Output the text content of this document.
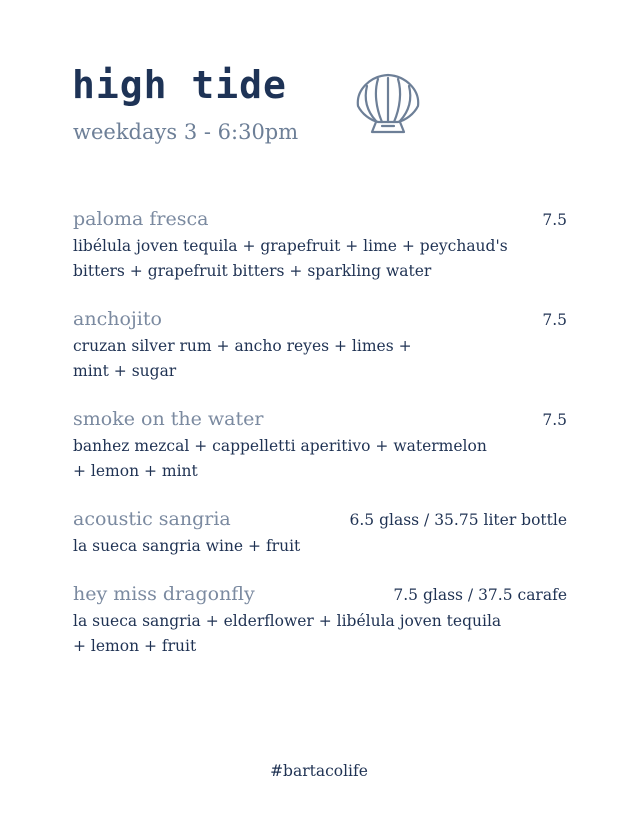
high tide
weekdays 3 - 6:30pm
paloma fresca	7.5
libélula joven tequila + grapefruit + lime + peychaud's
bitters + grapefruit bitters + sparkling water
anchojito	7.5
cruzan silver rum + ancho reyes + limes +
mint + sugar
smoke on the water	7.5
banhez mezcal + cappelletti aperitivo + watermelon
+ lemon + mint
acoustic sangria	6.5 glass / 35.75 liter bottle
la sueca sangria wine + fruit
hey miss dragonfly	7.5 glass / 37.5 carafe
la sueca sangria + elderflower + libélula joven tequila
+ lemon + fruit
#bartacolife
